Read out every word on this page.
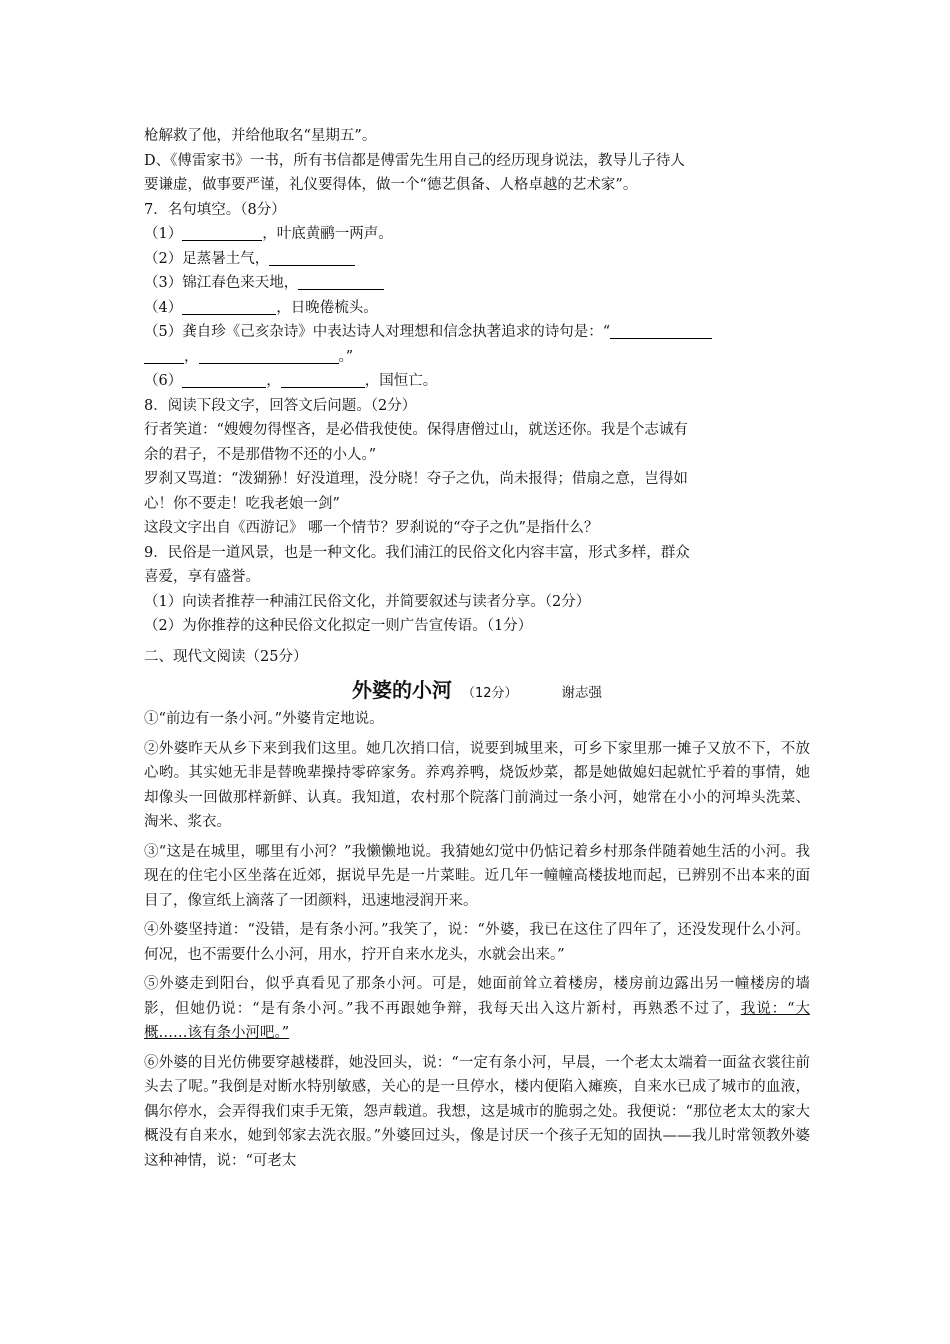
枪解救了他，并给他取名“星期五”。
D、《傅雷家书》一书，所有书信都是傅雷先生用自己的经历现身说法，教导儿子待人
要谦虚，做事要严谨，礼仪要得体，做一个“德艺俱备、人格卓越的艺术家”。
7．名句填空。（8分）
（1）	，叶底黄鹂一两声。
（2）足蒸暑土气，
（3）锦江春色来天地，
（4）	，日晚倦梳头。
（5）龚自珍《己亥杂诗》中表达诗人对理想和信念执著追求的诗句是：“
，	。”
（6）	，	，国恒亡。
8．阅读下段文字，回答文后问题。（2分）
行者笑道：“嫂嫂勿得悭吝，是必借我使使。保得唐僧过山，就送还你。我是个志诚有
余的君子，不是那借物不还的小人。”
罗刹又骂道：“泼猢狲！好没道理，没分晓！夺子之仇，尚未报得；借扇之意，岂得如
心！你不要走！吃我老娘一剑”
这段文字出自《西游记》 哪一个情节？罗刹说的“夺子之仇”是指什么？
9．民俗是一道风景，也是一种文化。我们浦江的民俗文化内容丰富，形式多样，群众
喜爱，享有盛誉。
（1）向读者推荐一种浦江民俗文化，并简要叙述与读者分享。（2分）
（2）为你推荐的这种民俗文化拟定一则广告宣传语。（1分）
二、现代文阅读（25分）
外婆的小河 （12分）	谢志强
①“前边有一条小河。”外婆肯定地说。
②外婆昨天从乡下来到我们这里。她几次捎口信，说要到城里来，可乡下家里那一摊子又放不下，不放心哟。其实她无非是替晚辈操持零碎家务。养鸡养鸭，烧饭炒菜，都是她做媳妇起就忙乎着的事情，她却像头一回做那样新鲜、认真。我知道，农村那个院落门前淌过一条小河，她常在小小的河埠头洗菜、淘米、浆衣。
③“这是在城里，哪里有小河？”我懒懒地说。我猜她幻觉中仍惦记着乡村那条伴随着她生活的小河。我现在的住宅小区坐落在近郊，据说早先是一片菜畦。近几年一幢幢高楼拔地而起，已辨别不出本来的面目了，像宣纸上滴落了一团颜料，迅速地浸润开来。
④外婆坚持道：“没错，是有条小河。”我笑了，说：“外婆，我已在这住了四年了，还没发现什么小河。何况，也不需要什么小河，用水，拧开自来水龙头，水就会出来。”
⑤外婆走到阳台，似乎真看见了那条小河。可是，她面前耸立着楼房，楼房前边露出另一幢楼房的墙影，但她仍说：“是有条小河。”我不再跟她争辩，我每天出入这片新村，再熟悉不过了，我说：“大概……该有条小河吧。”
⑥外婆的目光仿佛要穿越楼群，她没回头，说：“一定有条小河，早晨，一个老太太端着一面盆衣裳往前头去了呢。”我倒是对断水特别敏感，关心的是一旦停水，楼内便陷入瘫痪，自来水已成了城市的血液，偶尔停水，会弄得我们束手无策，怨声载道。我想，这是城市的脆弱之处。我便说：“那位老太太的家大概没有自来水，她到邻家去洗衣服。”外婆回过头，像是讨厌一个孩子无知的固执——我儿时常领教外婆这种神情，说：“可老太
